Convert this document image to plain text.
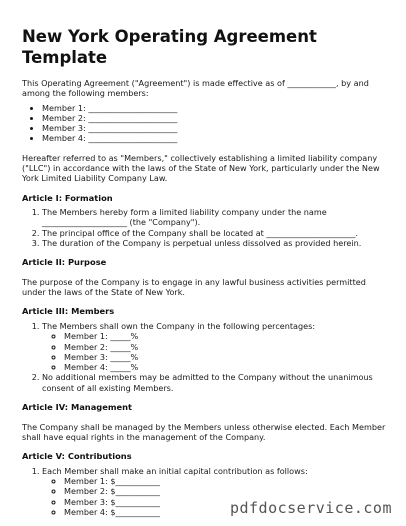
New York Operating Agreement Template

This Operating Agreement ("Agreement") is made effective as of ____________, by and among the following members:

• Member 1: ______________________
• Member 2: ______________________
• Member 3: ______________________
• Member 4: ______________________

Hereafter referred to as "Members," collectively establishing a limited liability company ("LLC") in accordance with the laws of the State of New York, particularly under the New York Limited Liability Company Law.

Article I: Formation
1. The Members hereby form a limited liability company under the name _____________________ (the "Company").
2. The principal office of the Company shall be located at ______________________.
3. The duration of the Company is perpetual unless dissolved as provided herein.
Article II: Purpose

The purpose of the Company is to engage in any lawful business activities permitted under the laws of the State of New York.

Article III: Members
1. The Members shall own the Company in the following percentages:
◦ Member 1: _____%
◦ Member 2: _____%
◦ Member 3: _____%
◦ Member 4: _____%
2. No additional members may be admitted to the Company without the unanimous consent of all existing Members.
Article IV: Management

The Company shall be managed by the Members unless otherwise elected. Each Member shall have equal rights in the management of the Company.

Article V: Contributions
1. Each Member shall make an initial capital contribution as follows:
◦ Member 1: $___________
◦ Member 2: $___________
◦ Member 3: $___________
◦ Member 4: $___________	pdfdocservice.com
